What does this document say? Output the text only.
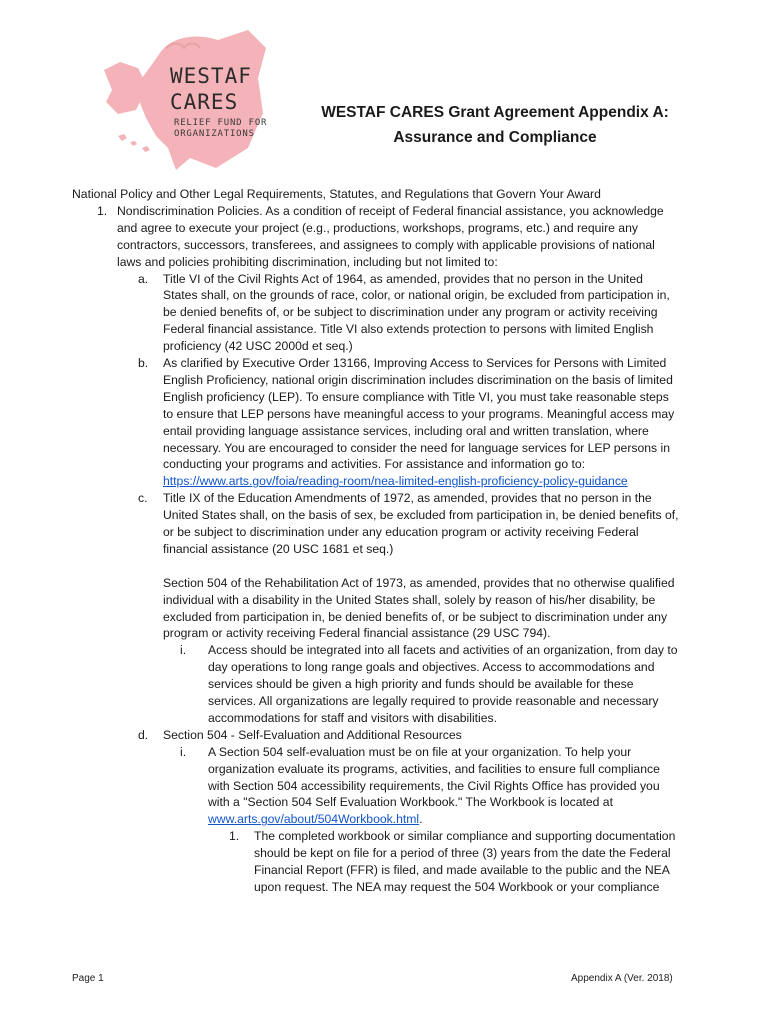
WESTAF
CARES
RELIEF FUND FOR
ORGANIZATIONS
WESTAF CARES Grant Agreement Appendix A:
Assurance and Compliance
National Policy and Other Legal Requirements, Statutes, and Regulations that Govern Your Award
1. Nondiscrimination Policies. As a condition of receipt of Federal financial assistance, you acknowledge
and agree to execute your project (e.g., productions, workshops, programs, etc.) and require any
contractors, successors, transferees, and assignees to comply with applicable provisions of national
laws and policies prohibiting discrimination, including but not limited to:
a. Title VI of the Civil Rights Act of 1964, as amended, provides that no person in the United
States shall, on the grounds of race, color, or national origin, be excluded from participation in,
be denied benefits of, or be subject to discrimination under any program or activity receiving
Federal financial assistance. Title VI also extends protection to persons with limited English
proficiency (42 USC 2000d et seq.)
b. As clarified by Executive Order 13166, Improving Access to Services for Persons with Limited
English Proficiency, national origin discrimination includes discrimination on the basis of limited
English proficiency (LEP). To ensure compliance with Title VI, you must take reasonable steps
to ensure that LEP persons have meaningful access to your programs. Meaningful access may
entail providing language assistance services, including oral and written translation, where
necessary. You are encouraged to consider the need for language services for LEP persons in
conducting your programs and activities. For assistance and information go to:
https://www.arts.gov/foia/reading-room/nea-limited-english-proficiency-policy-guidance
c. Title IX of the Education Amendments of 1972, as amended, provides that no person in the
United States shall, on the basis of sex, be excluded from participation in, be denied benefits of,
or be subject to discrimination under any education program or activity receiving Federal
financial assistance (20 USC 1681 et seq.)
Section 504 of the Rehabilitation Act of 1973, as amended, provides that no otherwise qualified
individual with a disability in the United States shall, solely by reason of his/her disability, be
excluded from participation in, be denied benefits of, or be subject to discrimination under any
program or activity receiving Federal financial assistance (29 USC 794).
i. Access should be integrated into all facets and activities of an organization, from day to
day operations to long range goals and objectives. Access to accommodations and
services should be given a high priority and funds should be available for these
services. All organizations are legally required to provide reasonable and necessary
accommodations for staff and visitors with disabilities.
d. Section 504 - Self-Evaluation and Additional Resources
i. A Section 504 self-evaluation must be on file at your organization. To help your
organization evaluate its programs, activities, and facilities to ensure full compliance
with Section 504 accessibility requirements, the Civil Rights Office has provided you
with a "Section 504 Self Evaluation Workbook." The Workbook is located at
www.arts.gov/about/504Workbook.html.
1. The completed workbook or similar compliance and supporting documentation
should be kept on file for a period of three (3) years from the date the Federal
Financial Report (FFR) is filed, and made available to the public and the NEA
upon request. The NEA may request the 504 Workbook or your compliance
Page 1	Appendix A (Ver. 2018)
